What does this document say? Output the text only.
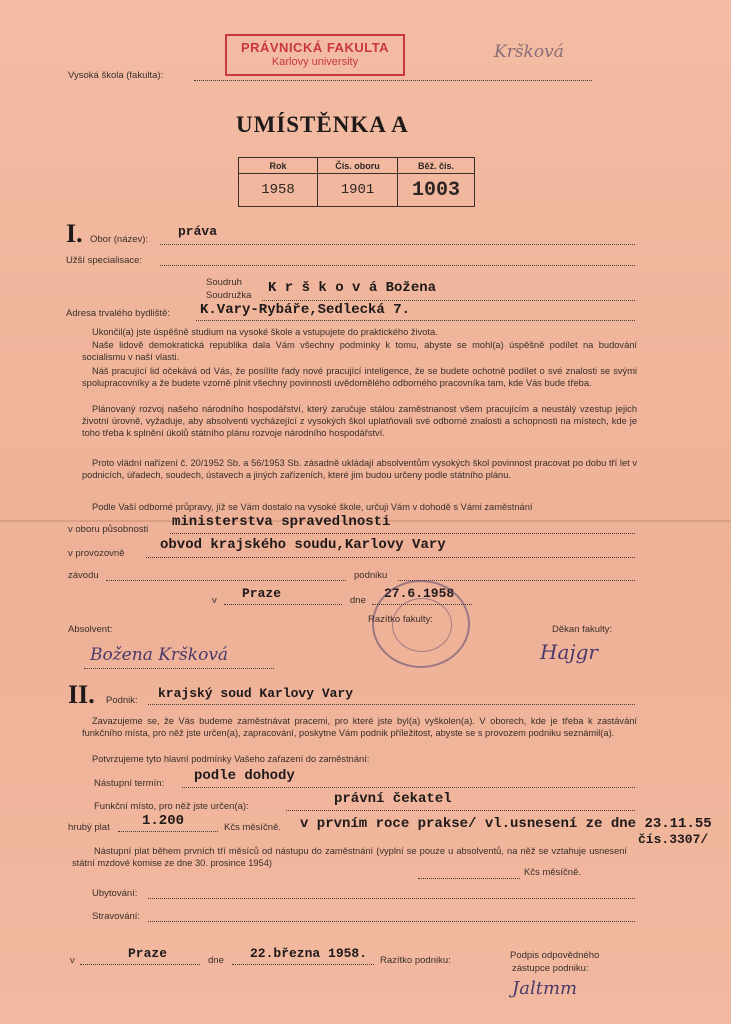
PRÁVNICKÁ FAKULTA
Karlovy university	Kršková
Vysoká škola (fakulta):
UMÍSTĚNKA A
Rok	Čís. oboru	Běž. čís.
1958	1901	1003
I. Obor (název):
práva
Užší specialisace:
Soudruh
Soudružka K r š k o v á Božena
Adresa trvalého bydliště: K.Vary-Rybáře,Sedlecká 7.
Ukončil(a) jste úspěšně studium na vysoké škole a vstupujete do praktického života.
Naše lidově demokratická republika dala Vám všechny podmínky k tomu, abyste se mohl(a) úspěšně podílet na budování socialismu v naší vlasti.
Náš pracující lid očekává od Vás, že posílíte řady nové pracující inteligence, že se budete ochotně podílet o své znalosti se svými spolupracovníky a že budete vzorně plnit všechny povinnosti uvědomělého odborného pracovníka tam, kde Vás bude třeba.
Plánovaný rozvoj našeho národního hospodářství, který zaručuje stálou zaměstnanost všem pracujícím a neustálý vzestup jejich životní úrovně, vyžaduje, aby absolventi vycházející z vysokých škol uplatňovali své odborné znalosti a schopnosti na místech, kde je toho třeba k splnění úkolů státního plánu rozvoje národního hospodářství.
Proto vládní nařízení č. 20/1952 Sb. a 56/1953 Sb. zásadně ukládají absolventům vysokých škol povinnost pracovat po dobu tří let v podnicích, úřadech, soudech, ústavech a jiných zařízeních, které jim budou určeny podle státního plánu.
Podle Vaší odborné průpravy, jíž se Vám dostalo na vysoké škole, určuji Vám v dohodě s Vámi zaměstnání
v oboru působnosti ministerstva spravedlnosti
v provozovně
obvod krajského soudu,Karlovy Vary
závodu	podniku
v Praze	dne 27.6.1958
Absolvent:
Razítko fakulty:
Děkan fakulty:
Božena Kršková	Hajgr
II. Podnik: krajský soud Karlovy Vary
Zavazujeme se, že Vás budeme zaměstnávat pracemi, pro které jste byl(a) vyškolen(a). V oborech, kde je třeba k zastávání funkčního místa, pro něž jste určen(a), zapracování, poskytne Vám podnik příležitost, abyste se s provozem podniku seznámil(a).
Potvrzujeme tyto hlavní podmínky Vašeho zařazení do zaměstnání:
Nástupní termín: podle dohody
Funkční místo, pro něž jste určen(a):	právní čekatel
hrubý plat 1.200	Kčs měsíčně. v prvním roce prakse/ vl.usnesení ze dne 23.11.55
čís.3307/
Nástupní plat během prvních tří měsíců od nástupu do zaměstnání (vyplní se pouze u absolventů, na něž se vztahuje usnesení státní mzdové komise ze dne 30. prosince 1954)
Kčs měsíčně.
Ubytování:
Stravování:
v	Praze	dne 22.března 1958. Razítko podniku:	Podpis odpovědného
zástupce podniku:
Jaltmm
